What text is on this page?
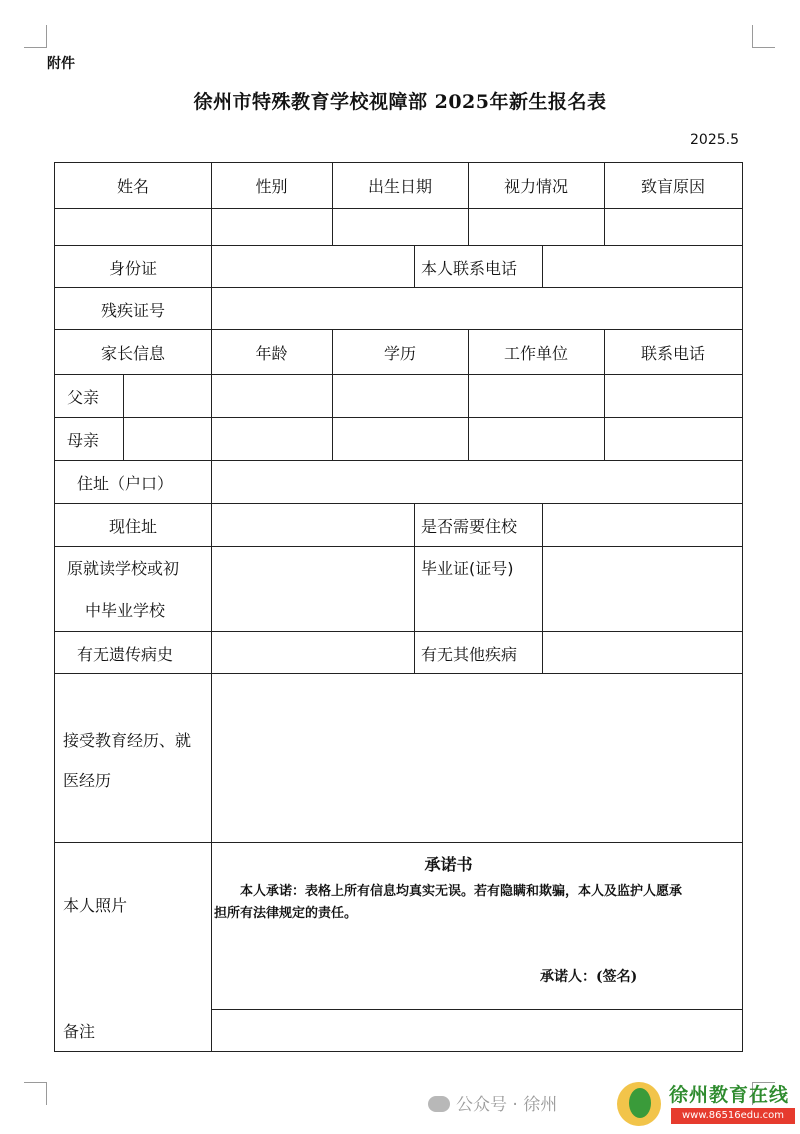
附件
徐州市特殊教育学校视障部 2025年新生报名表
2025.5
姓名	性别	出生日期	视力情况	致盲原因
身份证	本人联系电话
残疾证号
家长信息	年龄	学历	工作单位	联系电话
父亲
母亲
住址（户口）
现住址	是否需要住校
原就读学校或初
中毕业学校
毕业证(证号)
有无遗传病史	有无其他疾病
接受教育经历、就
医经历
本人照片
备注
承诺书
本人承诺：表格上所有信息均真实无误。若有隐瞒和欺骗，本人及监护人愿承担所有法律规定的责任。
承诺人：(签名)
公众号 · 徐州	徐州教育在线
www.86516edu.com
